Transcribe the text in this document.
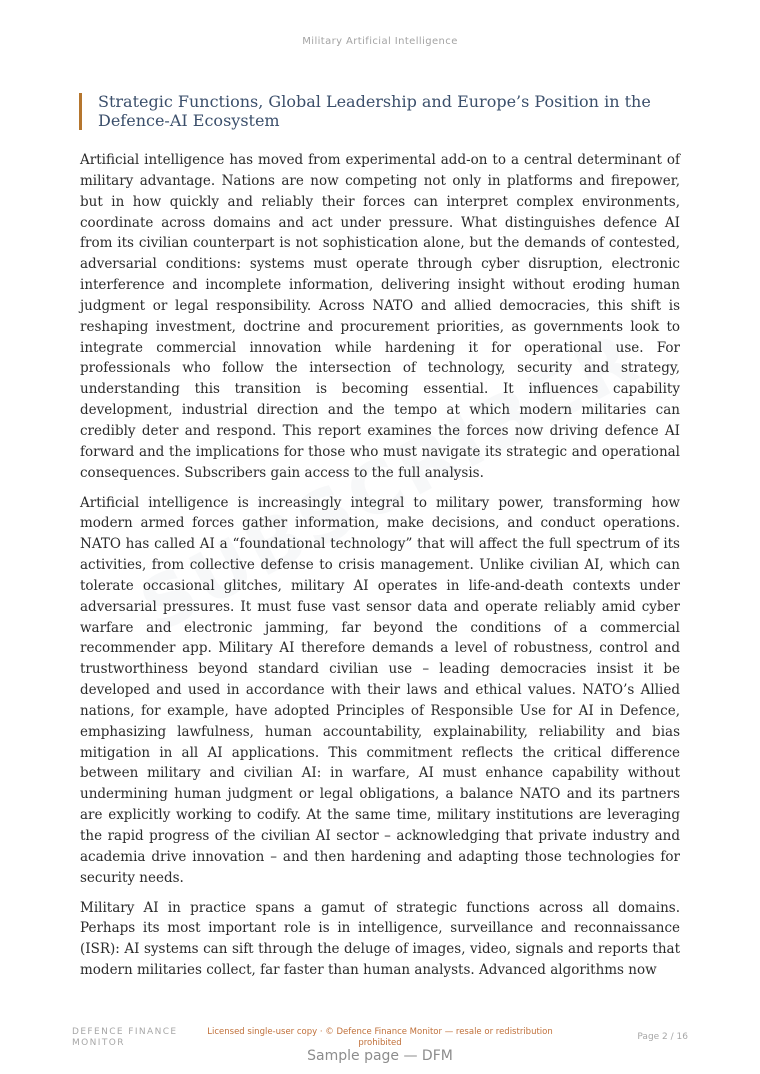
Military Artificial Intelligence
Strategic Functions, Global Leadership and Europe’s Position in the Defence-AI Ecosystem

Artificial intelligence has moved from experimental add-on to a central determinant of military advantage. Nations are now competing not only in platforms and firepower, but in how quickly and reliably their forces can interpret complex environments, coordinate across domains and act under pressure. What distinguishes defence AI from its civilian counterpart is not sophistication alone, but the demands of contested, adversarial conditions: systems must operate through cyber disruption, electronic interference and incomplete information, delivering insight without eroding human judgment or legal responsibility. Across NATO and allied democracies, this shift is reshaping investment, doctrine and procurement priorities, as governments look to integrate commercial innovation while hardening it for operational use. For professionals who follow the intersection of technology, security and strategy, understanding this transition is becoming essential. It influences capability development, industrial direction and the tempo at which modern militaries can credibly deter and respond. This report examines the forces now driving defence AI forward and the implications for those who must navigate its strategic and operational consequences. Subscribers gain access to the full analysis.

Artificial intelligence is increasingly integral to military power, transforming how modern armed forces gather information, make decisions, and conduct operations. NATO has called AI a “foundational technology” that will affect the full spectrum of its activities, from collective defense to crisis management. Unlike civilian AI, which can tolerate occasional glitches, military AI operates in life-and-death contexts under adversarial pressures. It must fuse vast sensor data and operate reliably amid cyber warfare and electronic jamming, far beyond the conditions of a commercial recommender app. Military AI therefore demands a level of robustness, control and trustworthiness beyond standard civilian use – leading democracies insist it be developed and used in accordance with their laws and ethical values. NATO’s Allied nations, for example, have adopted Principles of Responsible Use for AI in Defence, emphasizing lawfulness, human accountability, explainability, reliability and bias mitigation in all AI applications. This commitment reflects the critical difference between military and civilian AI: in warfare, AI must enhance capability without undermining human judgment or legal obligations, a balance NATO and its partners are explicitly working to codify. At the same time, military institutions are leveraging the rapid progress of the civilian AI sector – acknowledging that private industry and academia drive innovation – and then hardening and adapting those technologies for security needs.

Military AI in practice spans a gamut of strategic functions across all domains. Perhaps its most important role is in intelligence, surveillance and reconnaissance (ISR): AI systems can sift through the deluge of images, video, signals and reports that modern militaries collect, far faster than human analysts. Advanced algorithms now

DEFENCE FINANCE MONITOR
Licensed single-user copy · © Defence Finance Monitor — resale or redistribution prohibited
Page 2 / 16
Sample page — DFM
